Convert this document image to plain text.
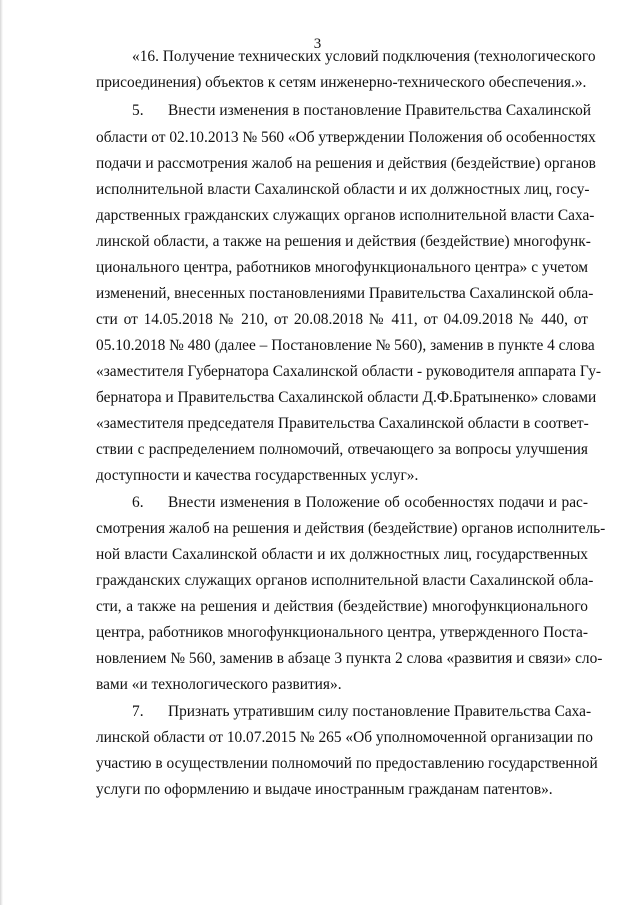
3
«16. Получение технических условий подключения (технологического
присоединения) объектов к сетям инженерно-технического обеспечения.».
5. Внести изменения в постановление Правительства Сахалинской
области от 02.10.2013 № 560 «Об утверждении Положения об особенностях
подачи и рассмотрения жалоб на решения и действия (бездействие) органов
исполнительной власти Сахалинской области и их должностных лиц, госу-
дарственных гражданских служащих органов исполнительной власти Саха-
линской области, а также на решения и действия (бездействие) многофунк-
ционального центра, работников многофункционального центра» с учетом
изменений, внесенных постановлениями Правительства Сахалинской обла-
сти от 14.05.2018 № 210, от 20.08.2018 № 411, от 04.09.2018 № 440, от
05.10.2018 № 480 (далее – Постановление № 560), заменив в пункте 4 слова
«заместителя Губернатора Сахалинской области - руководителя аппарата Гу-
бернатора и Правительства Сахалинской области Д.Ф.Братыненко» словами
«заместителя председателя Правительства Сахалинской области в соответ-
ствии с распределением полномочий, отвечающего за вопросы улучшения
доступности и качества государственных услуг».
6. Внести изменения в Положение об особенностях подачи и рас-
смотрения жалоб на решения и действия (бездействие) органов исполнитель-
ной власти Сахалинской области и их должностных лиц, государственных
гражданских служащих органов исполнительной власти Сахалинской обла-
сти, а также на решения и действия (бездействие) многофункционального
центра, работников многофункционального центра, утвержденного Поста-
новлением № 560, заменив в абзаце 3 пункта 2 слова «развития и связи» сло-
вами «и технологического развития».
7. Признать утратившим силу постановление Правительства Саха-
линской области от 10.07.2015 № 265 «Об уполномоченной организации по
участию в осуществлении полномочий по предоставлению государственной
услуги по оформлению и выдаче иностранным гражданам патентов».
